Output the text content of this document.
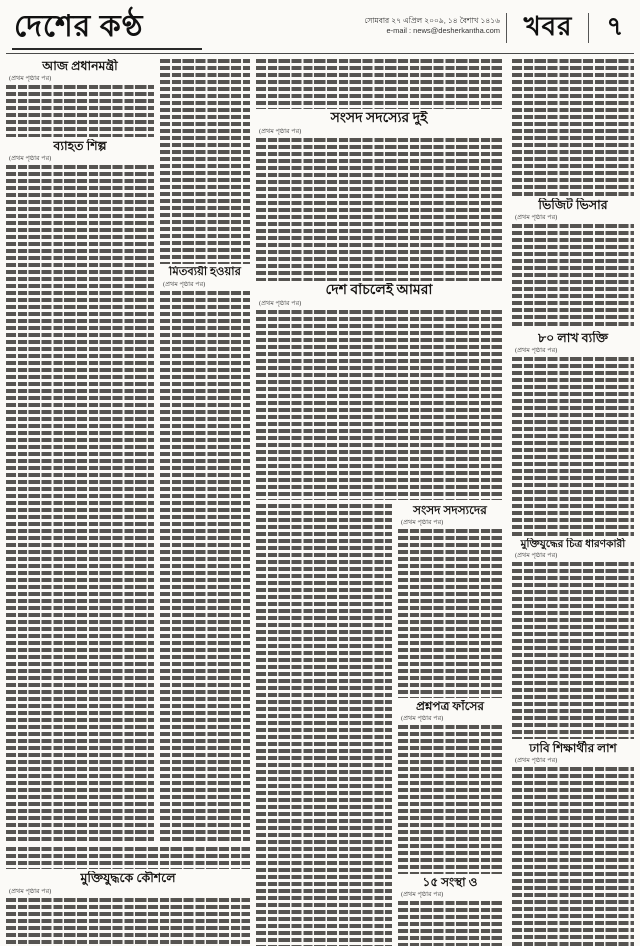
দেশের কণ্ঠ	সোমবার ২৭ এপ্রিল ২০০৯, ১৪ বৈশাখ ১৪১৬
e-mail : news@desherkantha.com খবর	৭
আজ প্রধানমন্ত্রী
(প্রথম পৃষ্ঠার পর)
ব্যাহত শিল্প
(প্রথম পৃষ্ঠার পর)
মিতব্যয়ী হওয়ার
(প্রথম পৃষ্ঠার পর)
মুক্তিযুদ্ধকে কৌশলে
(প্রথম পৃষ্ঠার পর)
সংসদ সদস্যের দুই
(প্রথম পৃষ্ঠার পর)
দেশ বাঁচলেই আমরা
(প্রথম পৃষ্ঠার পর)
সংসদ সদস্যদের
(প্রথম পৃষ্ঠার পর)
প্রশ্নপত্র ফাঁসের
(প্রথম পৃষ্ঠার পর)
১৫ সংস্থা ও
(প্রথম পৃষ্ঠার পর)
ভিজিট ভিসার
(প্রথম পৃষ্ঠার পর)
৮০ লাখ ব্যক্তি
(প্রথম পৃষ্ঠার পর)
মুক্তিযুদ্ধের চিত্র ধারণকারী
(প্রথম পৃষ্ঠার পর)
ঢাবি শিক্ষার্থীর লাশ
(প্রথম পৃষ্ঠার পর)
